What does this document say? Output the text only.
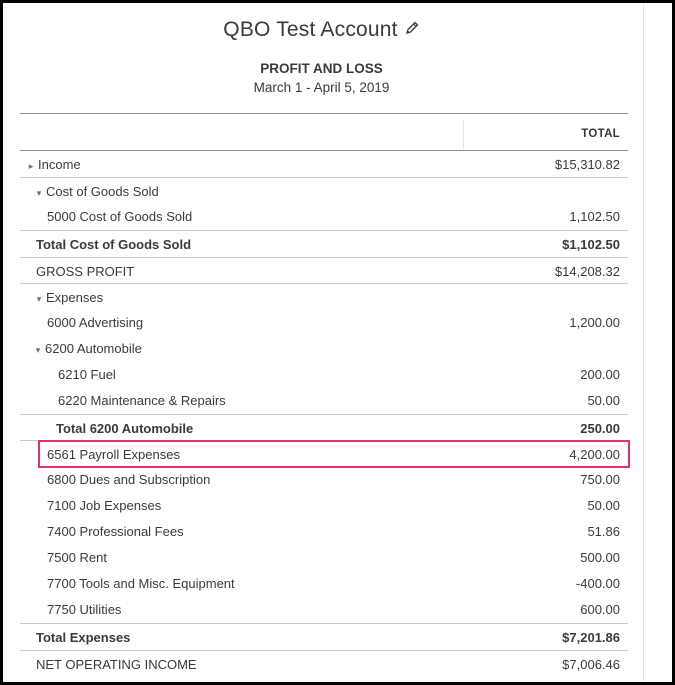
QBO Test Account
PROFIT AND LOSS
March 1 - April 5, 2019
TOTAL
▸ Income	$15,310.82
▾ Cost of Goods Sold
5000 Cost of Goods Sold	1,102.50
Total Cost of Goods Sold	$1,102.50
GROSS PROFIT	$14,208.32
▾ Expenses
6000 Advertising	1,200.00
▾ 6200 Automobile
6210 Fuel	200.00
6220 Maintenance & Repairs	50.00
Total 6200 Automobile	250.00
6561 Payroll Expenses	4,200.00
6800 Dues and Subscription	750.00
7100 Job Expenses	50.00
7400 Professional Fees	51.86
7500 Rent	500.00
7700 Tools and Misc. Equipment	-400.00
7750 Utilities	600.00
Total Expenses	$7,201.86
NET OPERATING INCOME	$7,006.46
